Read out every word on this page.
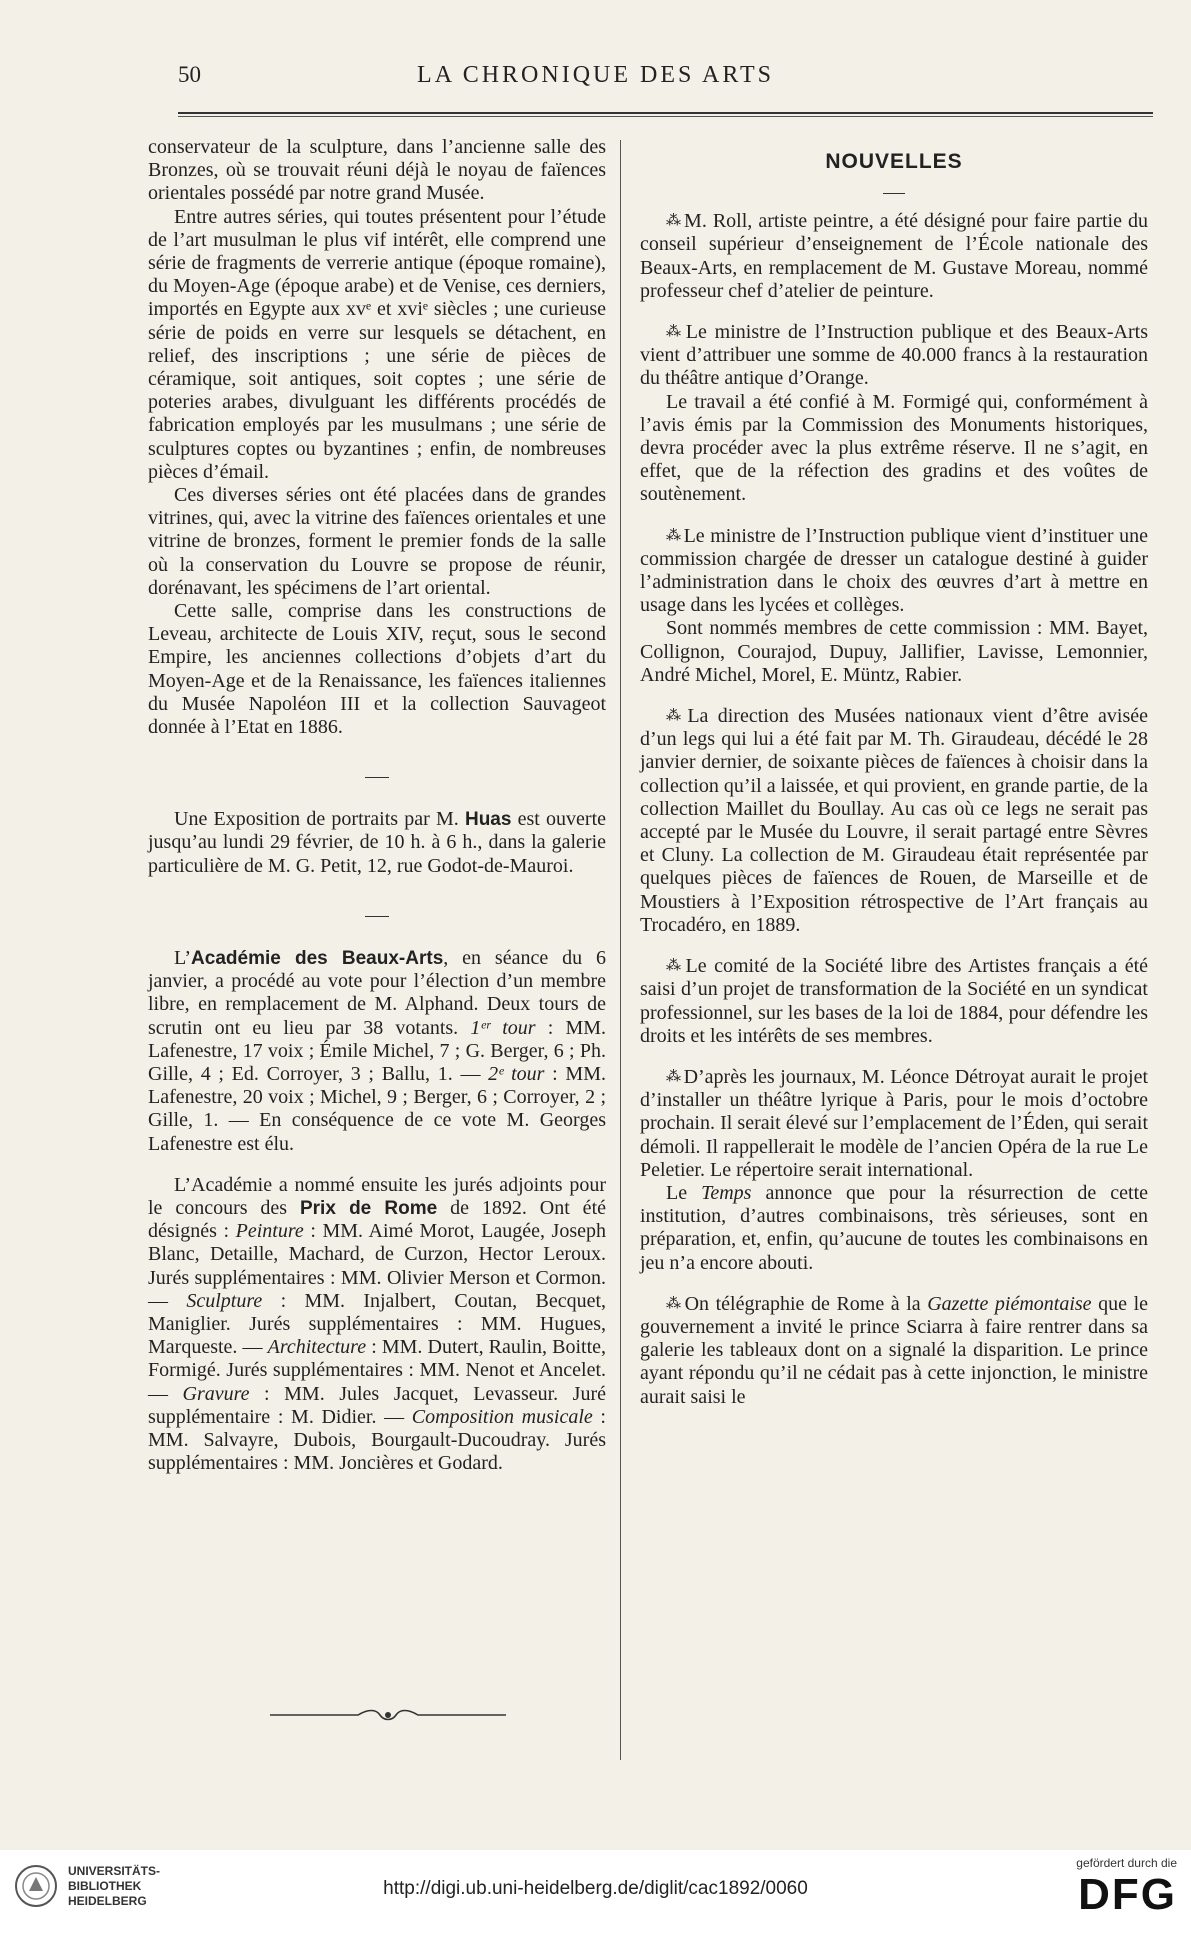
50	LA CHRONIQUE DES ARTS

conservateur de la sculpture, dans l’ancienne salle des Bronzes, où se trouvait réuni déjà le noyau de faïences orientales possédé par notre grand Musée.

Entre autres séries, qui toutes présentent pour l’étude de l’art musulman le plus vif intérêt, elle comprend une série de fragments de verrerie antique (époque romaine), du Moyen-Age (époque arabe) et de Venise, ces derniers, importés en Egypte aux xvᵉ et xviᵉ siècles ; une curieuse série de poids en verre sur lesquels se détachent, en relief, des inscriptions ; une série de pièces de céramique, soit antiques, soit coptes ; une série de poteries arabes, divulguant les différents procédés de fabrication employés par les musulmans ; une série de sculptures coptes ou byzantines ; enfin, de nombreuses pièces d’émail.

Ces diverses séries ont été placées dans de grandes vitrines, qui, avec la vitrine des faïences orientales et une vitrine de bronzes, forment le premier fonds de la salle où la conservation du Louvre se propose de réunir, dorénavant, les spécimens de l’art oriental.

Cette salle, comprise dans les constructions de Leveau, architecte de Louis XIV, reçut, sous le second Empire, les anciennes collections d’objets d’art du Moyen-Age et de la Renaissance, les faïences italiennes du Musée Napoléon III et la collection Sauvageot donnée à l’Etat en 1886.

Une Exposition de portraits par M. Huas est ouverte jusqu’au lundi 29 février, de 10 h. à 6 h., dans la galerie particulière de M. G. Petit, 12, rue Godot-de-Mauroi.

L’Académie des Beaux-Arts, en séance du 6 janvier, a procédé au vote pour l’élection d’un membre libre, en remplacement de M. Alphand. Deux tours de scrutin ont eu lieu par 38 votants. 1ᵉʳ tour : MM. Lafenestre, 17 voix ; Émile Michel, 7 ; G. Berger, 6 ; Ph. Gille, 4 ; Ed. Corroyer, 3 ; Ballu, 1. — 2ᵉ tour : MM. Lafenestre, 20 voix ; Michel, 9 ; Berger, 6 ; Corroyer, 2 ; Gille, 1. — En conséquence de ce vote M. Georges Lafenestre est élu.

L’Académie a nommé ensuite les jurés adjoints pour le concours des Prix de Rome de 1892. Ont été désignés : Peinture : MM. Aimé Morot, Laugée, Joseph Blanc, Detaille, Machard, de Curzon, Hector Leroux. Jurés supplémentaires : MM. Olivier Merson et Cormon. — Sculpture : MM. Injalbert, Coutan, Becquet, Maniglier. Jurés supplémentaires : MM. Hugues, Marqueste. — Architecture : MM. Dutert, Raulin, Boitte, Formigé. Jurés supplémentaires : MM. Nenot et Ancelet. — Gravure : MM. Jules Jacquet, Levasseur. Juré supplémentaire : M. Didier. — Composition musicale : MM. Salvayre, Dubois, Bourgault-Ducoudray. Jurés supplémentaires : MM. Joncières et Godard.

NOUVELLES

⁂ M. Roll, artiste peintre, a été désigné pour faire partie du conseil supérieur d’enseignement de l’École nationale des Beaux-Arts, en remplacement de M. Gustave Moreau, nommé professeur chef d’atelier de peinture.

⁂ Le ministre de l’Instruction publique et des Beaux-Arts vient d’attribuer une somme de 40.000 francs à la restauration du théâtre antique d’Orange.

Le travail a été confié à M. Formigé qui, conformément à l’avis émis par la Commission des Monuments historiques, devra procéder avec la plus extrême réserve. Il ne s’agit, en effet, que de la réfection des gradins et des voûtes de soutènement.

⁂ Le ministre de l’Instruction publique vient d’instituer une commission chargée de dresser un catalogue destiné à guider l’administration dans le choix des œuvres d’art à mettre en usage dans les lycées et collèges.

Sont nommés membres de cette commission : MM. Bayet, Collignon, Courajod, Dupuy, Jallifier, Lavisse, Lemonnier, André Michel, Morel, E. Müntz, Rabier.

⁂ La direction des Musées nationaux vient d’être avisée d’un legs qui lui a été fait par M. Th. Giraudeau, décédé le 28 janvier dernier, de soixante pièces de faïences à choisir dans la collection qu’il a laissée, et qui provient, en grande partie, de la collection Maillet du Boullay. Au cas où ce legs ne serait pas accepté par le Musée du Louvre, il serait partagé entre Sèvres et Cluny. La collection de M. Giraudeau était représentée par quelques pièces de faïences de Rouen, de Marseille et de Moustiers à l’Exposition rétrospective de l’Art français au Trocadéro, en 1889.

⁂ Le comité de la Société libre des Artistes français a été saisi d’un projet de transformation de la Société en un syndicat professionnel, sur les bases de la loi de 1884, pour défendre les droits et les intérêts de ses membres.

⁂ D’après les journaux, M. Léonce Détroyat aurait le projet d’installer un théâtre lyrique à Paris, pour le mois d’octobre prochain. Il serait élevé sur l’emplacement de l’Éden, qui serait démoli. Il rappellerait le modèle de l’ancien Opéra de la rue Le Peletier. Le répertoire serait international.

Le Temps annonce que pour la résurrection de cette institution, d’autres combinaisons, très sérieuses, sont en préparation, et, enfin, qu’aucune de toutes les combinaisons en jeu n’a encore abouti.

⁂ On télégraphie de Rome à la Gazette piémontaise que le gouvernement a invité le prince Sciarra à faire rentrer dans sa galerie les tableaux dont on a signalé la disparition. Le prince ayant répondu qu’il ne cédait pas à cette injonction, le ministre aurait saisi le

UNIVERSITÄTS-
BIBLIOTHEK
HEIDELBERG
http://digi.ub.uni-heidelberg.de/diglit/cac1892/0060
gefördert durch die
DFG
